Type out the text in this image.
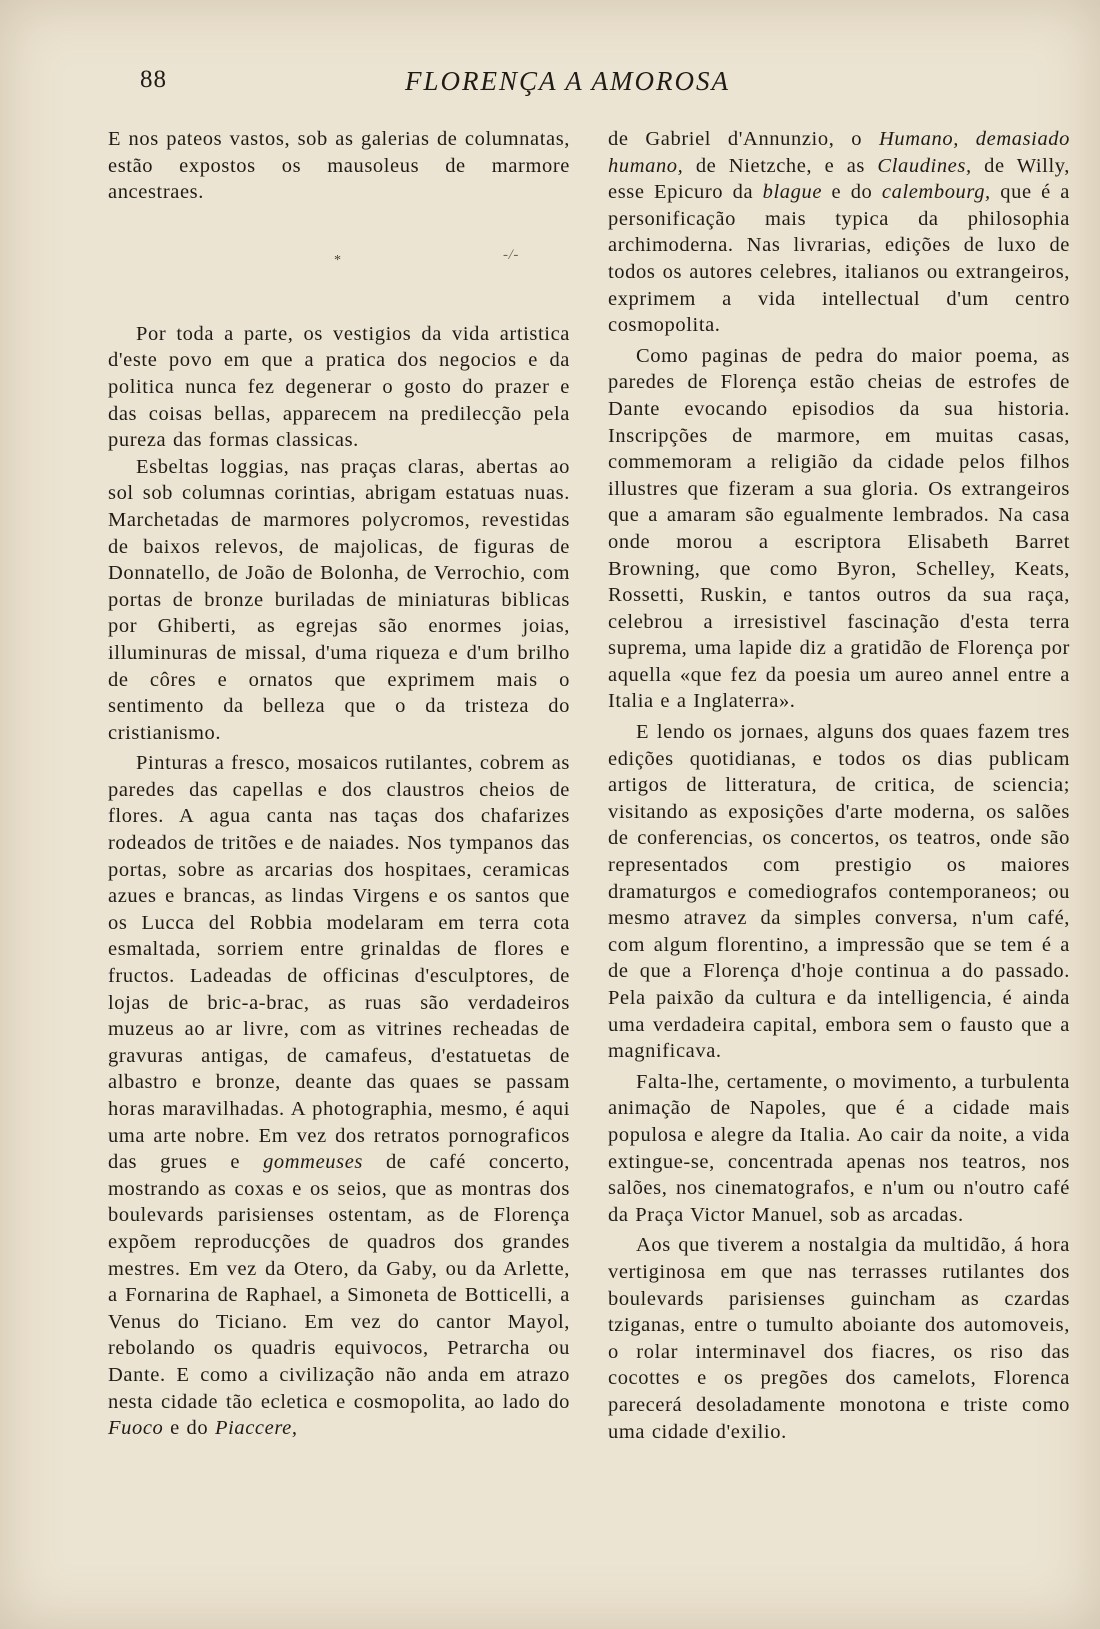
88	FLORENÇA A AMOROSA

E nos pateos vastos, sob as galerias de columnatas, estão expostos os mausoleus de marmore ancestraes.

*	-/-

Por toda a parte, os vestigios da vida artistica d'este povo em que a pratica dos negocios e da politica nunca fez degenerar o gosto do prazer e das coisas bellas, apparecem na predilecção pela pureza das formas classicas.

Esbeltas loggias, nas praças claras, abertas ao sol sob columnas corintias, abrigam estatuas nuas. Marchetadas de marmores polycromos, revestidas de baixos relevos, de majolicas, de figuras de Donnatello, de João de Bolonha, de Verrochio, com portas de bronze buriladas de miniaturas biblicas por Ghiberti, as egrejas são enormes joias, illuminuras de missal, d'uma riqueza e d'um brilho de côres e ornatos que exprimem mais o sentimento da belleza que o da tristeza do cristianismo.

Pinturas a fresco, mosaicos rutilantes, cobrem as paredes das capellas e dos claustros cheios de flores. A agua canta nas taças dos chafarizes rodeados de tritões e de naiades. Nos tympanos das portas, sobre as arcarias dos hospitaes, ceramicas azues e brancas, as lindas Virgens e os santos que os Lucca del Robbia modelaram em terra cota esmaltada, sorriem entre grinaldas de flores e fructos. Ladeadas de officinas d'esculptores, de lojas de bric-a-brac, as ruas são verdadeiros muzeus ao ar livre, com as vitrines recheadas de gravuras antigas, de camafeus, d'estatuetas de albastro e bronze, deante das quaes se passam horas maravilhadas. A photographia, mesmo, é aqui uma arte nobre. Em vez dos retratos pornograficos das grues e gommeuses de café concerto, mostrando as coxas e os seios, que as montras dos boulevards parisienses ostentam, as de Florença expõem reproducções de quadros dos grandes mestres. Em vez da Otero, da Gaby, ou da Arlette, a Fornarina de Raphael, a Simoneta de Botticelli, a Venus do Ticiano. Em vez do cantor Mayol, rebolando os quadris equivocos, Petrarcha ou Dante. E como a civilização não anda em atrazo nesta cidade tão ecletica e cosmopolita, ao lado do Fuoco e do Piaccere,

de Gabriel d'Annunzio, o Humano, demasiado humano, de Nietzche, e as Claudines, de Willy, esse Epicuro da blague e do calembourg, que é a personificação mais typica da philosophia archimoderna. Nas livrarias, edições de luxo de todos os autores celebres, italianos ou extrangeiros, exprimem a vida intellectual d'um centro cosmopolita.

Como paginas de pedra do maior poema, as paredes de Florença estão cheias de estrofes de Dante evocando episodios da sua historia. Inscripções de marmore, em muitas casas, commemoram a religião da cidade pelos filhos illustres que fizeram a sua gloria. Os extrangeiros que a amaram são egualmente lembrados. Na casa onde morou a escriptora Elisabeth Barret Browning, que como Byron, Schelley, Keats, Rossetti, Ruskin, e tantos outros da sua raça, celebrou a irresistivel fascinação d'esta terra suprema, uma lapide diz a gratidão de Florença por aquella «que fez da poesia um aureo annel entre a Italia e a Inglaterra».

E lendo os jornaes, alguns dos quaes fazem tres edições quotidianas, e todos os dias publicam artigos de litteratura, de critica, de sciencia; visitando as exposições d'arte moderna, os salões de conferencias, os concertos, os teatros, onde são representados com prestigio os maiores dramaturgos e comediografos contemporaneos; ou mesmo atravez da simples conversa, n'um café, com algum florentino, a impressão que se tem é a de que a Florença d'hoje continua a do passado. Pela paixão da cultura e da intelligencia, é ainda uma verdadeira capital, embora sem o fausto que a magnificava.

Falta-lhe, certamente, o movimento, a turbulenta animação de Napoles, que é a cidade mais populosa e alegre da Italia. Ao cair da noite, a vida extingue-se, concentrada apenas nos teatros, nos salões, nos cinematografos, e n'um ou n'outro café da Praça Victor Manuel, sob as arcadas.

Aos que tiverem a nostalgia da multidão, á hora vertiginosa em que nas terrasses rutilantes dos boulevards parisienses guincham as czardas tziganas, entre o tumulto aboiante dos automoveis, o rolar interminavel dos fiacres, os riso das cocottes e os pregões dos camelots, Florenca parecerá desoladamente monotona e triste como uma cidade d'exilio.
